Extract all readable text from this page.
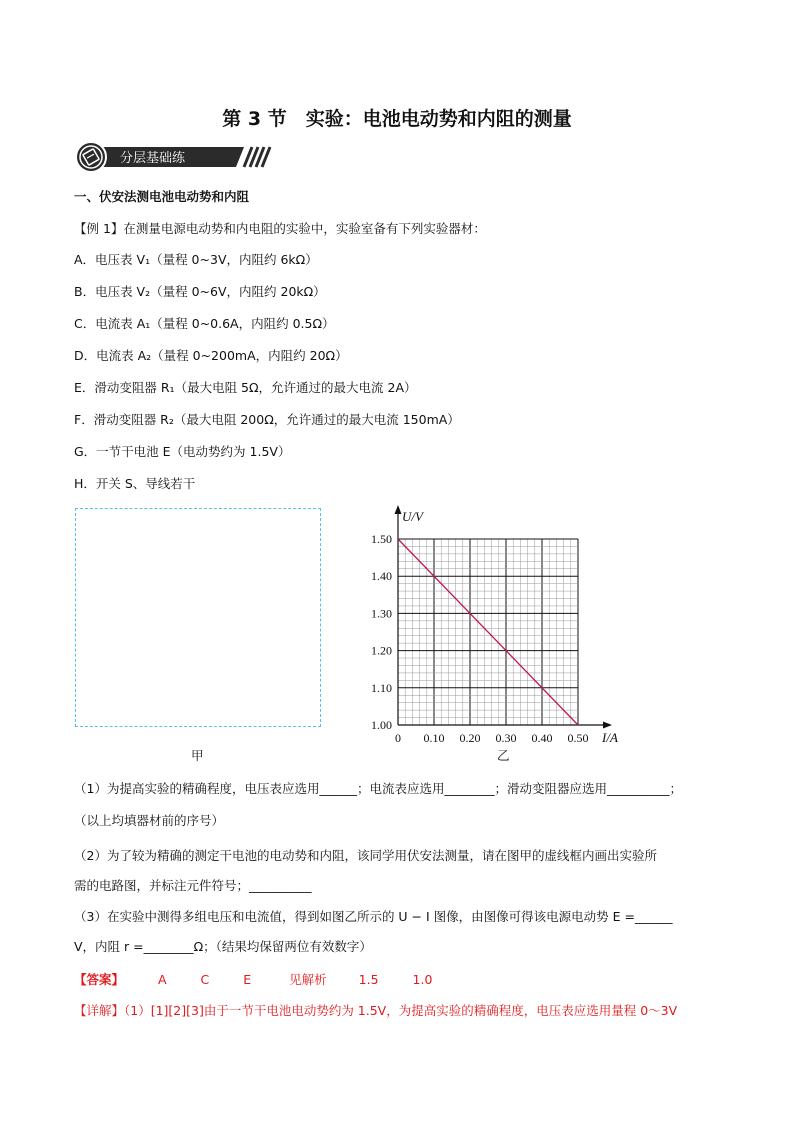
第 3 节　实验：电池电动势和内阻的测量
分层基础练
一、伏安法测电池电动势和内阻
【例 1】在测量电源电动势和内电阻的实验中，实验室备有下列实验器材：
A．电压表 V₁（量程 0~3V，内阻约 6kΩ）
B．电压表 V₂（量程 0~6V，内阻约 20kΩ）
C．电流表 A₁（量程 0~0.6A，内阻约 0.5Ω）
D．电流表 A₂（量程 0~200mA，内阻约 20Ω）
E．滑动变阻器 R₁（最大电阻 5Ω，允许通过的最大电流 2A）
F．滑动变阻器 R₂（最大电阻 200Ω，允许通过的最大电流 150mA）
G．一节干电池 E（电动势约为 1.5V）
H．开关 S、导线若干
甲	乙
0 0.10 0.20 0.30 0.40 0.50
1.00
1.10
1.20
1.30
1.40
1.50
I/A
U/V
（1）为提高实验的精确程度，电压表应选用______；电流表应选用________；滑动变阻器应选用__________；
（以上均填器材前的序号）
（2）为了较为精确的测定干电池的电动势和内阻，该同学用伏安法测量，请在图甲的虚线框内画出实验所
需的电路图，并标注元件符号；__________
（3）在实验中测得多组电压和电流值，得到如图乙所示的 U − I 图像，由图像可得该电源电动势 E =______
V，内阻 r =________Ω；（结果均保留两位有效数字）
【答案】	A	C	E	见解析	1.5	1.0
【详解】（1）[1][2][3]由于一节干电池电动势约为 1.5V，为提高实验的精确程度，电压表应选用量程 0～3V
